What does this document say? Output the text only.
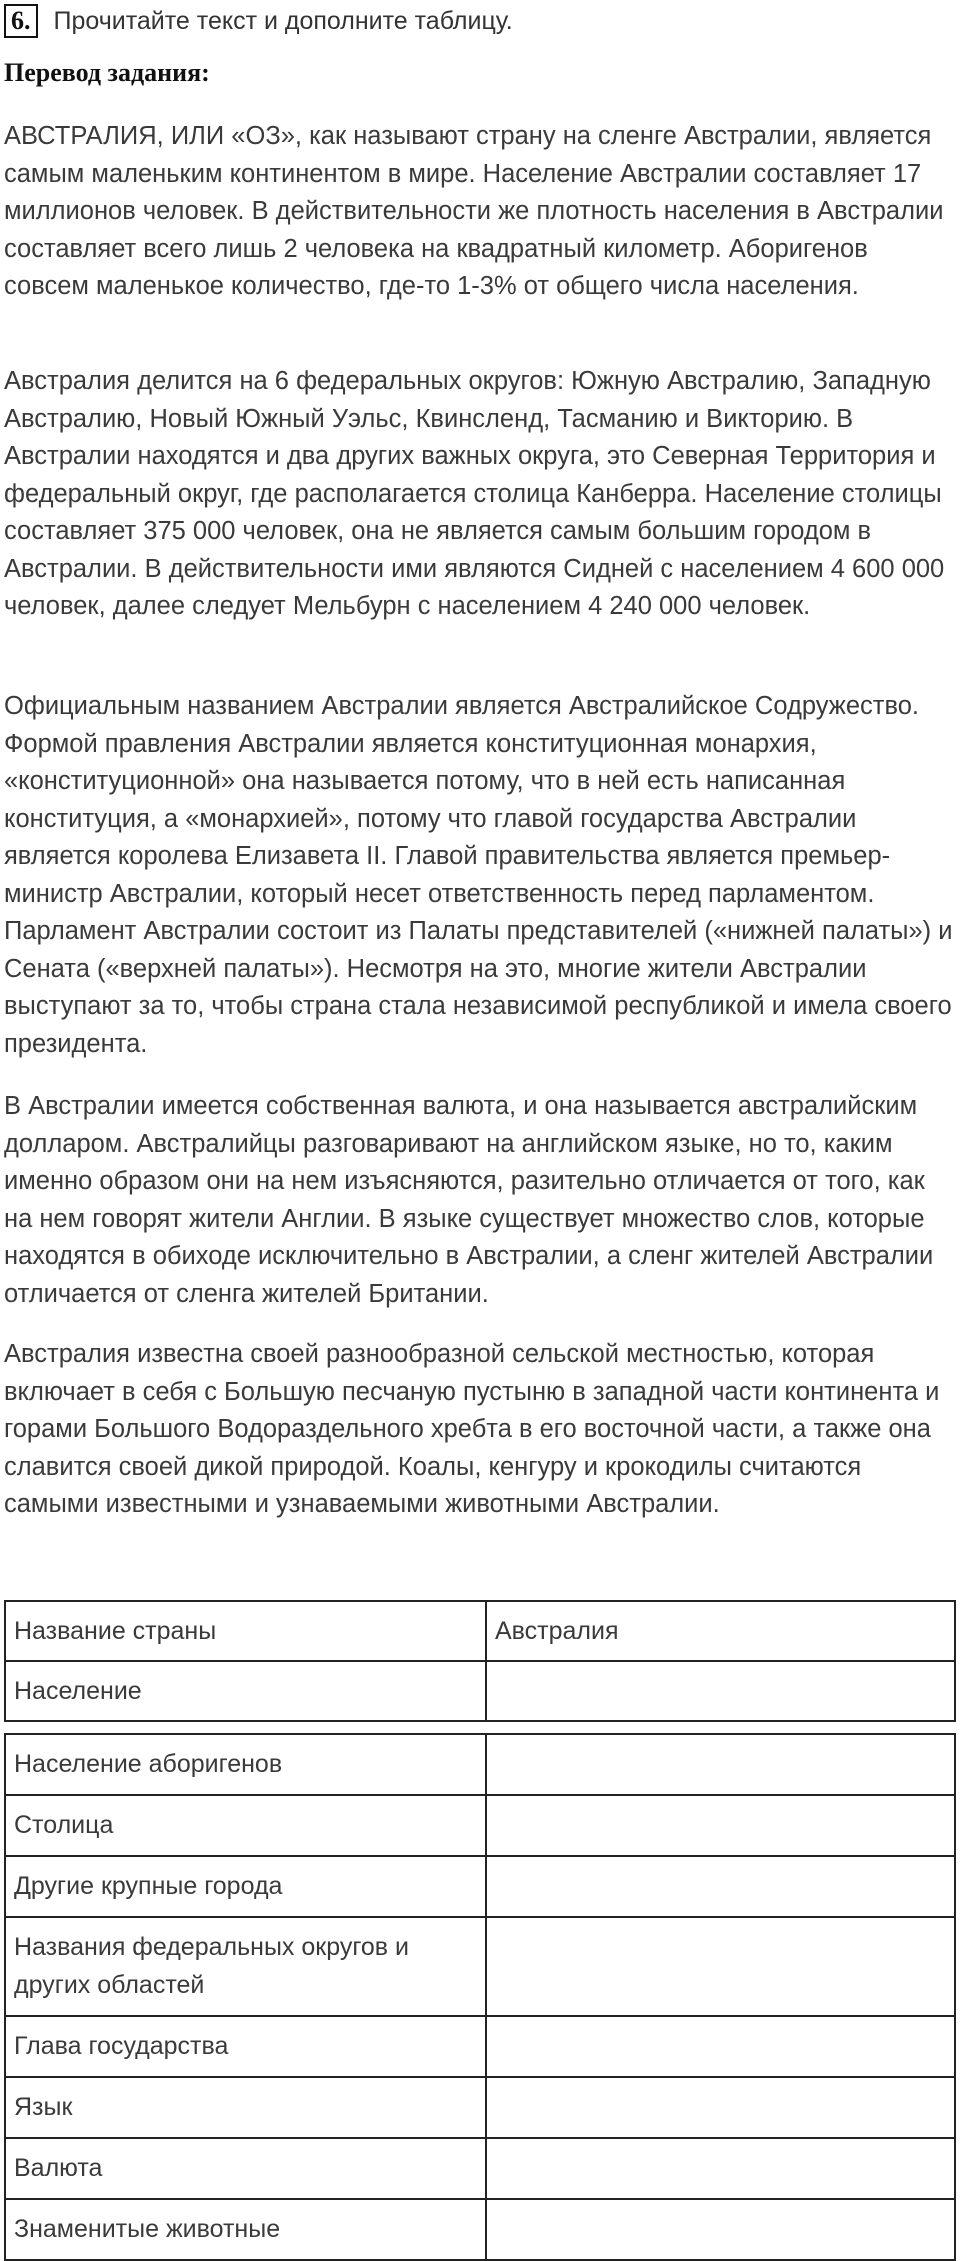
6. Прочитайте текст и дополните таблицу.
Перевод задания:

АВСТРАЛИЯ, ИЛИ «ОЗ», как называют страну на сленге Австралии, является самым маленьким континентом в мире. Население Австралии составляет 17 миллионов человек. В действительности же плотность населения в Австралии составляет всего лишь 2 человека на квадратный километр. Аборигенов совсем маленькое количество, где-то 1-3% от общего числа населения.

Австралия делится на 6 федеральных округов: Южную Австралию, Западную Австралию, Новый Южный Уэльс, Квинсленд, Тасманию и Викторию. В Австралии находятся и два других важных округа, это Северная Территория и федеральный округ, где располагается столица Канберра. Население столицы составляет 375 000 человек, она не является самым большим городом в Австралии. В действительности ими являются Сидней с населением 4 600 000 человек, далее следует Мельбурн с населением 4 240 000 человек.

Официальным названием Австралии является Австралийское Содружество. Формой правления Австралии является конституционная монархия, «конституционной» она называется потому, что в ней есть написанная конституция, а «монархией», потому что главой государства Австралии является королева Елизавета II. Главой правительства является премьер-министр Австралии, который несет ответственность перед парламентом. Парламент Австралии состоит из Палаты представителей («нижней палаты») и Сената («верхней палаты»). Несмотря на это, многие жители Австралии выступают за то, чтобы страна стала независимой республикой и имела своего президента.

В Австралии имеется собственная валюта, и она называется австралийским долларом. Австралийцы разговаривают на английском языке, но то, каким именно образом они на нем изъясняются, разительно отличается от того, как на нем говорят жители Англии. В языке существует множество слов, которые находятся в обиходе исключительно в Австралии, а сленг жителей Австралии отличается от сленга жителей Британии.

Австралия известна своей разнообразной сельской местностью, которая включает в себя с Большую песчаную пустыню в западной части континента и горами Большого Водораздельного хребта в его восточной части, а также она славится своей дикой природой. Коалы, кенгуру и крокодилы считаются самыми известными и узнаваемыми животными Австралии.

Название страны	Австралия
Население	
Население аборигенов	
Столица	
Другие крупные города	
Названия федеральных округов и других областей	
Глава государства	
Язык	
Валюта	
Знаменитые животные	
